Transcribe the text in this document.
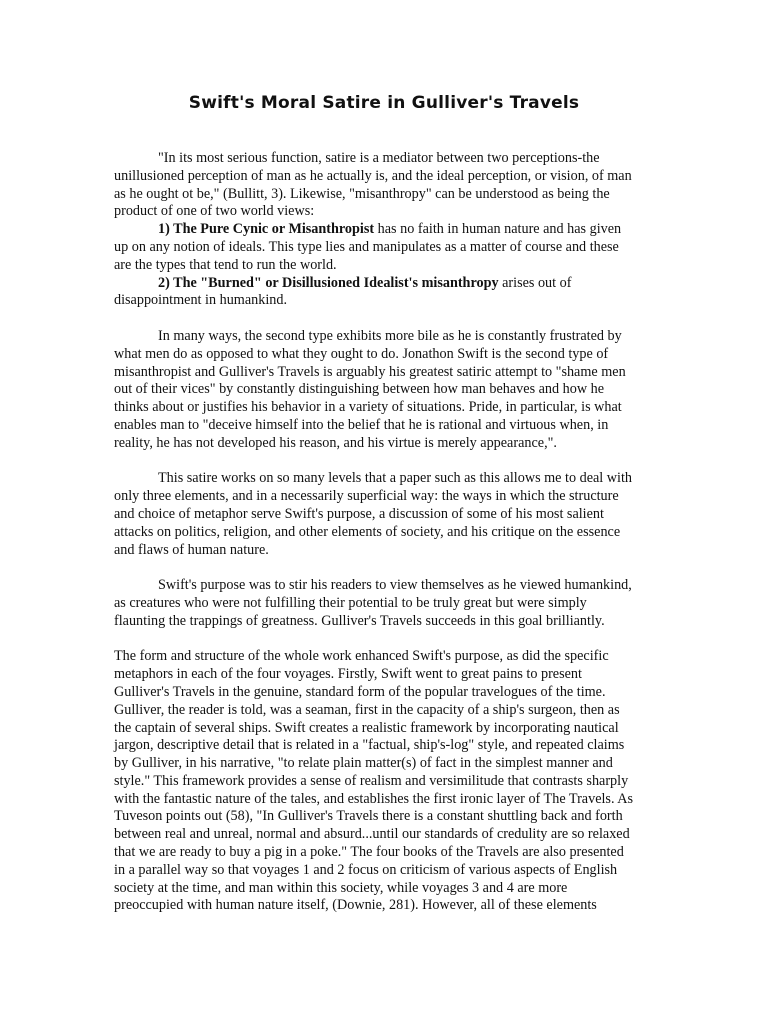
Swift's Moral Satire in Gulliver's Travels

"In its most serious function, satire is a mediator between two perceptions-the unillusioned perception of man as he actually is, and the ideal perception, or vision, of man as he ought ot be," (Bullitt, 3). Likewise, "misanthropy" can be understood as being the product of one of two world views:

1) The Pure Cynic or Misanthropist has no faith in human nature and has given up on any notion of ideals. This type lies and manipulates as a matter of course and these are the types that tend to run the world.

2) The "Burned" or Disillusioned Idealist's misanthropy arises out of disappointment in humankind.

In many ways, the second type exhibits more bile as he is constantly frustrated by what men do as opposed to what they ought to do. Jonathon Swift is the second type of misanthropist and Gulliver's Travels is arguably his greatest satiric attempt to "shame men out of their vices" by constantly distinguishing between how man behaves and how he thinks about or justifies his behavior in a variety of situations. Pride, in particular, is what enables man to "deceive himself into the belief that he is rational and virtuous when, in reality, he has not developed his reason, and his virtue is merely appearance,".

This satire works on so many levels that a paper such as this allows me to deal with only three elements, and in a necessarily superficial way: the ways in which the structure and choice of metaphor serve Swift's purpose, a discussion of some of his most salient attacks on politics, religion, and other elements of society, and his critique on the essence and flaws of human nature.

Swift's purpose was to stir his readers to view themselves as he viewed humankind, as creatures who were not fulfilling their potential to be truly great but were simply flaunting the trappings of greatness. Gulliver's Travels succeeds in this goal brilliantly.

The form and structure of the whole work enhanced Swift's purpose, as did the specific metaphors in each of the four voyages. Firstly, Swift went to great pains to present Gulliver's Travels in the genuine, standard form of the popular travelogues of the time. Gulliver, the reader is told, was a seaman, first in the capacity of a ship's surgeon, then as the captain of several ships. Swift creates a realistic framework by incorporating nautical jargon, descriptive detail that is related in a "factual, ship's-log" style, and repeated claims by Gulliver, in his narrative, "to relate plain matter(s) of fact in the simplest manner and style." This framework provides a sense of realism and versimilitude that contrasts sharply with the fantastic nature of the tales, and establishes the first ironic layer of The Travels. As Tuveson points out (58), "In Gulliver's Travels there is a constant shuttling back and forth between real and unreal, normal and absurd...until our standards of credulity are so relaxed that we are ready to buy a pig in a poke." The four books of the Travels are also presented in a parallel way so that voyages 1 and 2 focus on criticism of various aspects of English society at the time, and man within this society, while voyages 3 and 4 are more preoccupied with human nature itself, (Downie, 281). However, all of these elements
